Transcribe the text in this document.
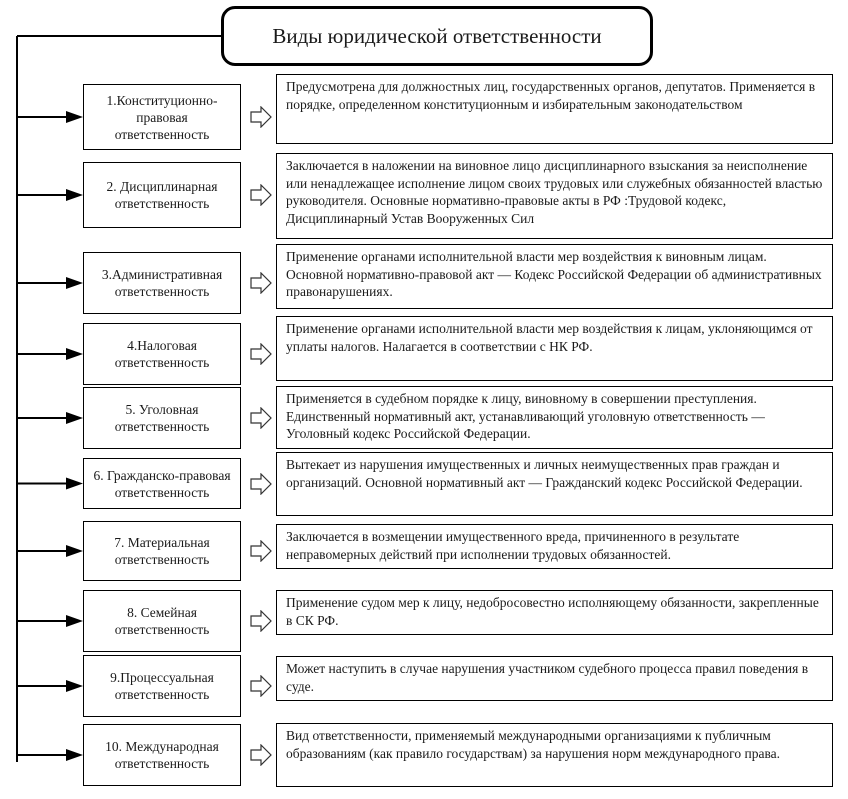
Виды юридической ответственности
1.Конституционно-правовая ответственность
Предусмотрена для должностных лиц, государственных органов, депутатов. Применяется в порядке, определенном конституционным и избирательным законодательством
2. Дисциплинарная ответственность
Заключается в наложении на виновное лицо дисциплинарного взыскания за неисполнение или ненадлежащее исполнение лицом своих трудовых или служебных обязанностей властью руководителя. Основные нормативно-правовые акты в РФ :Трудовой кодекс, Дисциплинарный Устав Вооруженных Сил
3.Административная ответственность
Применение органами исполнительной власти мер воздействия к виновным лицам. Основной нормативно-правовой акт — Кодекс Российской Федерации об административных правонарушениях.
4.Налоговая ответственность
Применение органами исполнительной власти мер воздействия к лицам, уклоняющимся от уплаты налогов. Налагается в соответствии с НК РФ.
5. Уголовная ответственность
Применяется в судебном порядке к лицу, виновному в совершении преступления. Единственный нормативный акт, устанавливающий уголовную ответственность — Уголовный кодекс Российской Федерации.
6. Гражданско-правовая ответственность
Вытекает из нарушения имущественных и личных неимущественных прав граждан и организаций. Основной нормативный акт — Гражданский кодекс Российской Федерации.
7. Материальная ответственность
Заключается в возмещении имущественного вреда, причиненного в результате неправомерных действий при исполнении трудовых обязанностей.
8. Семейная ответственность
Применение судом мер к лицу, недобросовестно исполняющему обязанности, закрепленные в СК РФ.
9.Процессуальная ответственность
Может наступить в случае нарушения участником судебного процесса правил поведения в суде.
10. Международная ответственность
Вид ответственности, применяемый международными организациями к публичным образованиям (как правило государствам) за нарушения норм международного права.
